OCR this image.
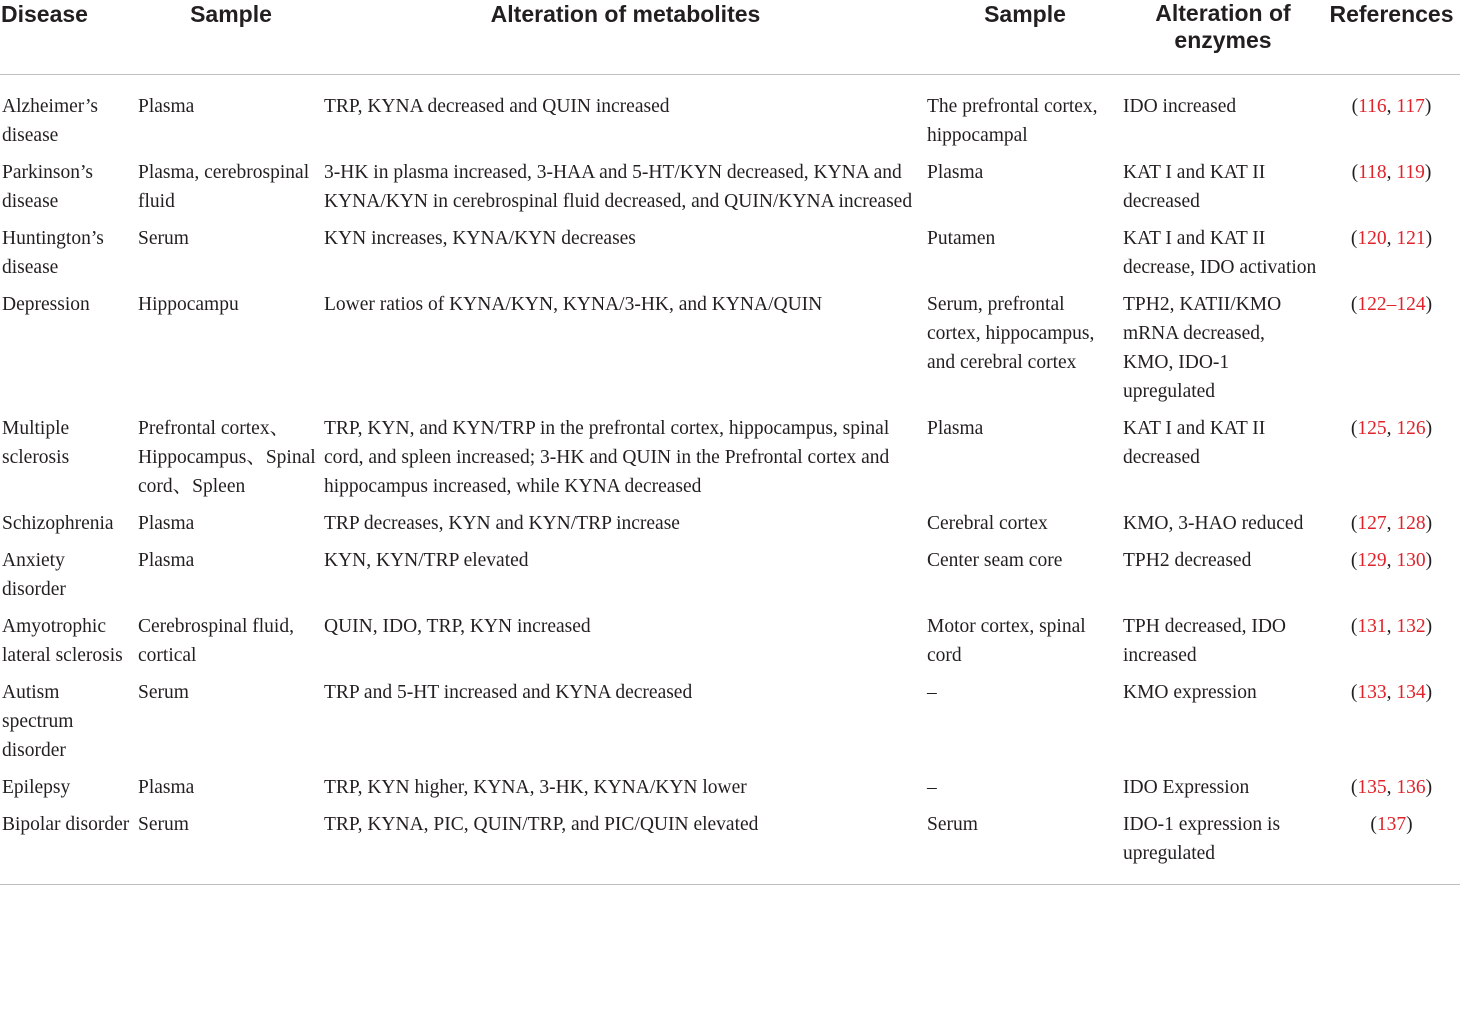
Disease	Sample	Alteration of metabolites	Sample	Alteration of enzymes	References
Alzheimer’s disease	Plasma	TRP, KYNA decreased and QUIN increased	The prefrontal cortex, hippocampal	IDO increased	(116, 117)
Parkinson’s disease	Plasma, cerebrospinal fluid	3-HK in plasma increased, 3-HAA and 5-HT/KYN decreased, KYNA and KYNA/KYN in cerebrospinal fluid decreased, and QUIN/KYNA increased	Plasma	KAT I and KAT II decreased	(118, 119)
Huntington’s disease	Serum	KYN increases, KYNA/KYN decreases	Putamen	KAT I and KAT II decrease, IDO activation	(120, 121)
Depression	Hippocampu	Lower ratios of KYNA/KYN, KYNA/3-HK, and KYNA/QUIN	Serum, prefrontal cortex, hippocampus, and cerebral cortex	TPH2, KATII/KMO mRNA decreased, KMO, IDO-1 upregulated	(122–124)
Multiple sclerosis	Prefrontal cortex、Hippocampus、Spinal cord、Spleen	TRP, KYN, and KYN/TRP in the prefrontal cortex, hippocampus, spinal cord, and spleen increased; 3-HK and QUIN in the Prefrontal cortex and hippocampus increased, while KYNA decreased	Plasma	KAT I and KAT II decreased	(125, 126)
Schizophrenia	Plasma	TRP decreases, KYN and KYN/TRP increase	Cerebral cortex	KMO, 3-HAO reduced	(127, 128)
Anxiety disorder	Plasma	KYN, KYN/TRP elevated	Center seam core	TPH2 decreased	(129, 130)
Amyotrophic lateral sclerosis	Cerebrospinal fluid, cortical	QUIN, IDO, TRP, KYN increased	Motor cortex, spinal cord	TPH decreased, IDO increased	(131, 132)
Autism spectrum disorder	Serum	TRP and 5-HT increased and KYNA decreased	–	KMO expression	(133, 134)
Epilepsy	Plasma	TRP, KYN higher, KYNA, 3-HK, KYNA/KYN lower	–	IDO Expression	(135, 136)
Bipolar disorder	Serum	TRP, KYNA, PIC, QUIN/TRP, and PIC/QUIN elevated	Serum	IDO-1 expression is upregulated	(137)
